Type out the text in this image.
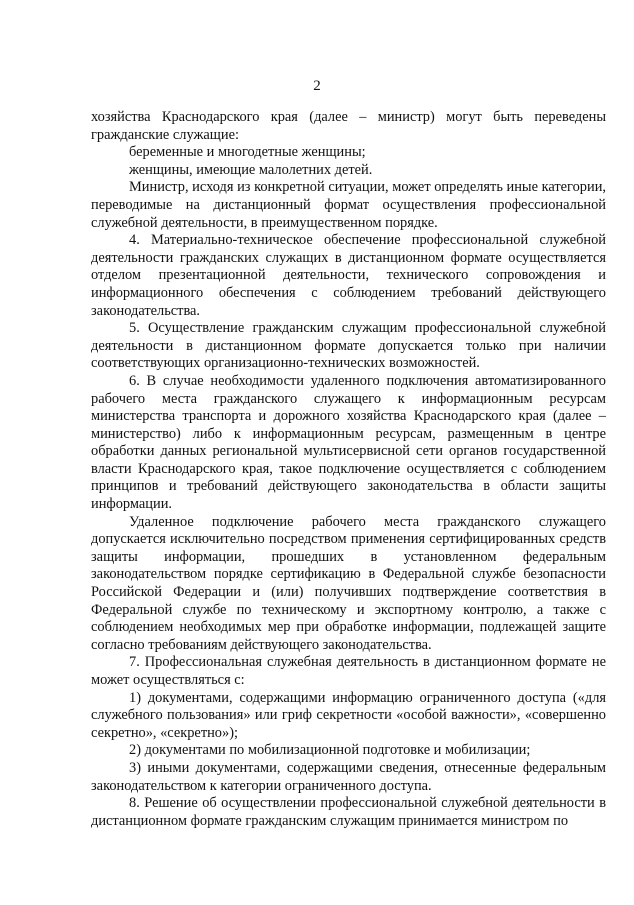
2

хозяйства Краснодарского края (далее – министр) могут быть переведены гражданские служащие:

беременные и многодетные женщины;

женщины, имеющие малолетних детей.

Министр, исходя из конкретной ситуации, может определять иные категории, переводимые на дистанционный формат осуществления профессиональной служебной деятельности, в преимущественном порядке.

4. Материально-техническое обеспечение профессиональной служебной деятельности гражданских служащих в дистанционном формате осуществляется отделом презентационной деятельности, технического сопровождения и информационного обеспечения с соблюдением требований действующего законодательства.

5. Осуществление гражданским служащим профессиональной служебной деятельности в дистанционном формате допускается только при наличии соответствующих организационно-технических возможностей.

6. В случае необходимости удаленного подключения автоматизированного рабочего места гражданского служащего к информационным ресурсам министерства транспорта и дорожного хозяйства Краснодарского края (далее – министерство) либо к информационным ресурсам, размещенным в центре обработки данных региональной мультисервисной сети органов государственной власти Краснодарского края, такое подключение осуществляется с соблюдением принципов и требований действующего законодательства в области защиты информации.

Удаленное подключение рабочего места гражданского служащего допускается исключительно посредством применения сертифицированных средств защиты информации, прошедших в установленном федеральным законодательством порядке сертификацию в Федеральной службе безопасности Российской Федерации и (или) получивших подтверждение соответствия в Федеральной службе по техническому и экспортному контролю, а также с соблюдением необходимых мер при обработке информации, подлежащей защите согласно требованиям действующего законодательства.

7. Профессиональная служебная деятельность в дистанционном формате не может осуществляться с:

1) документами, содержащими информацию ограниченного доступа («для служебного пользования» или гриф секретности «особой важности», «совершенно секретно», «секретно»);

2) документами по мобилизационной подготовке и мобилизации;

3) иными документами, содержащими сведения, отнесенные федеральным законодательством к категории ограниченного доступа.

8. Решение об осуществлении профессиональной служебной деятельности в дистанционном формате гражданским служащим принимается министром по
